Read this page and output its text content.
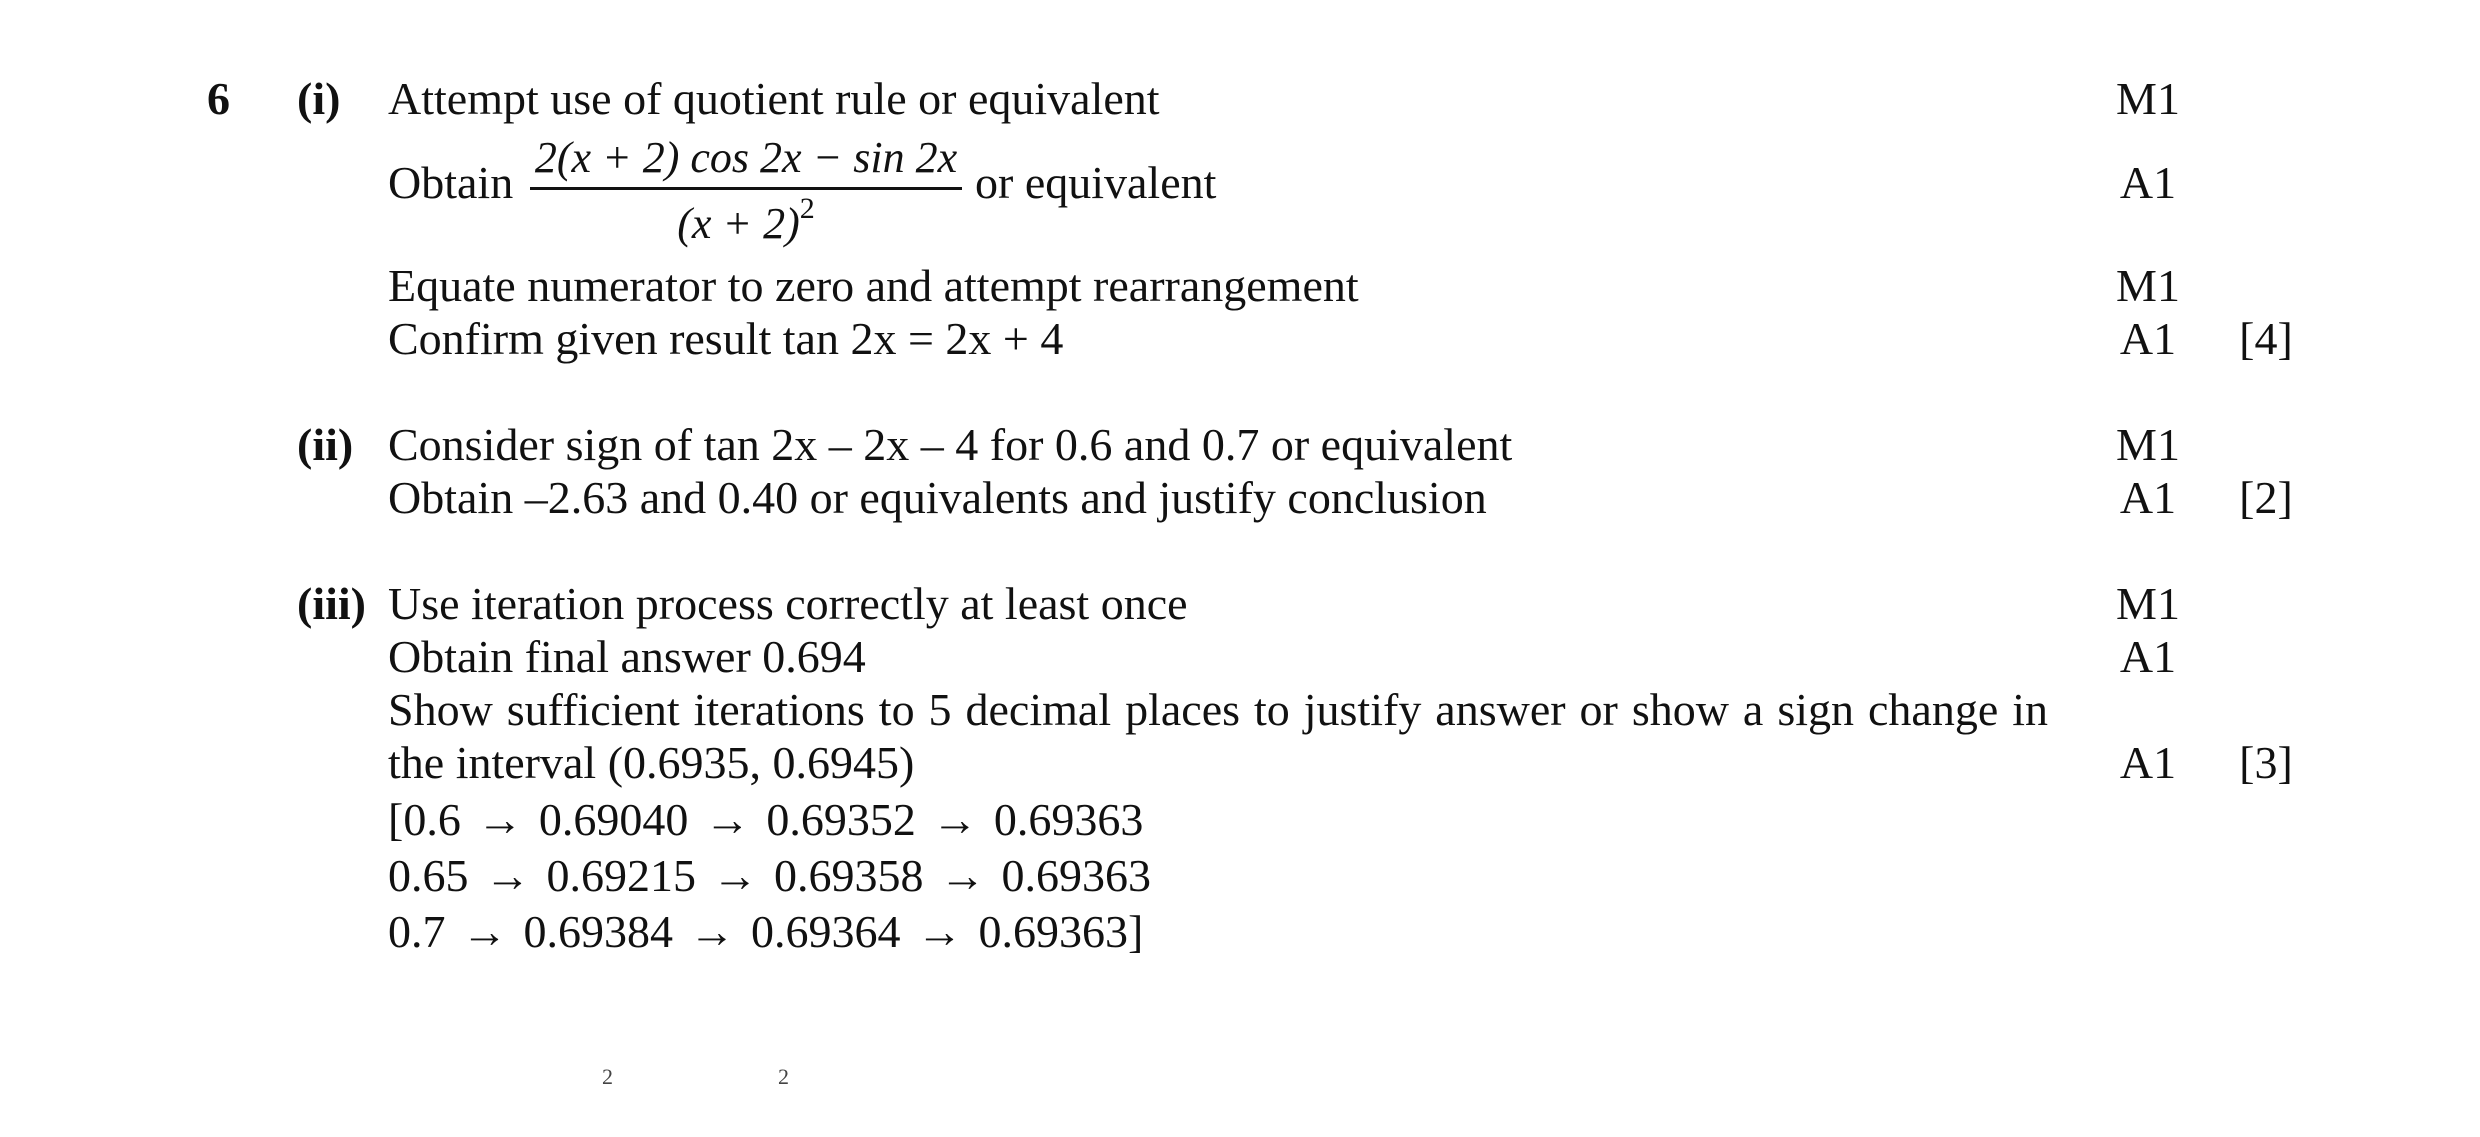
6 (i) Attempt use of quotient rule or equivalent	M1
Obtain 2(x + 2) cos 2x − sin 2x
$(x + 2)^2$
or equivalent	A1
Equate numerator to zero and attempt rearrangement	M1
Confirm given result tan 2x = 2x + 4	A1	[4]
(ii) Consider sign of tan 2x – 2x – 4 for 0.6 and 0.7 or equivalent	M1
Obtain –2.63 and 0.40 or equivalents and justify conclusion	A1	[2]
(iii) Use iteration process correctly at least once	M1
Obtain final answer 0.694	A1
Show sufficient iterations to 5 decimal places to justify answer or show a sign change in
the interval (0.6935, 0.6945)	A1	[3]
[0.6 → 0.69040 → 0.69352 → 0.69363
0.65 → 0.69215 → 0.69358 → 0.69363
0.7 → 0.69384 → 0.69364 → 0.69363]
2	2
